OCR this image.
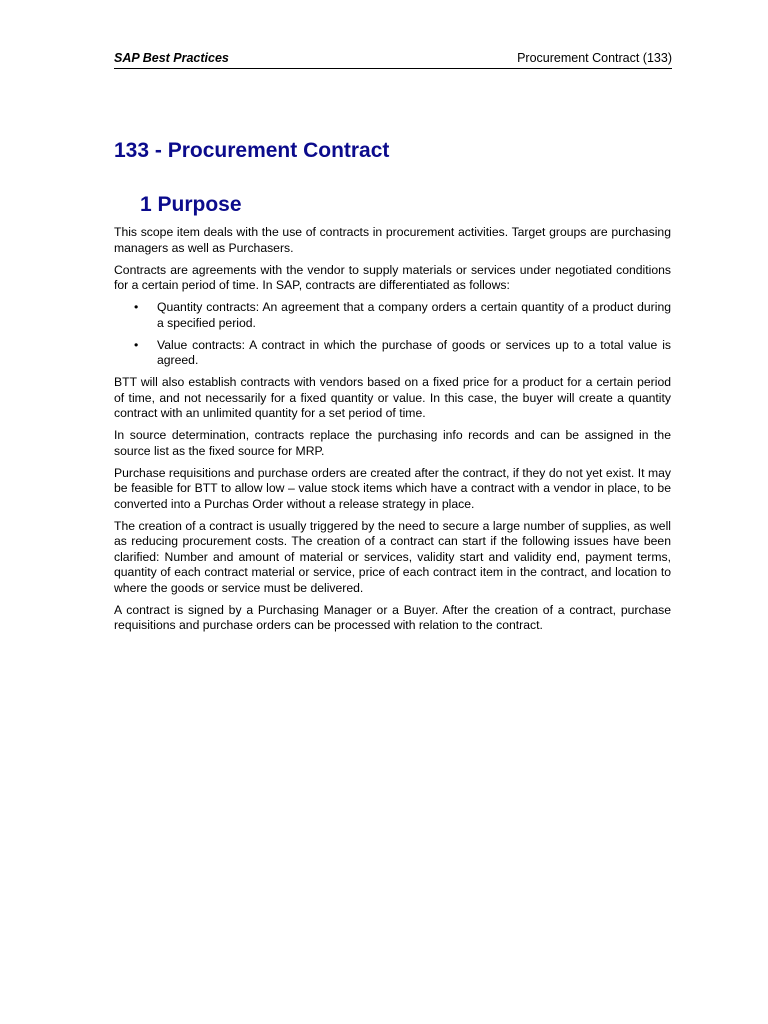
SAP Best Practices	Procurement Contract (133)
133 - Procurement Contract
1 Purpose

This scope item deals with the use of contracts in procurement activities. Target groups are purchasing managers as well as Purchasers.

Contracts are agreements with the vendor to supply materials or services under negotiated conditions for a certain period of time. In SAP, contracts are differentiated as follows:

• Quantity contracts: An agreement that a company orders a certain quantity of a product during a specified period.
• Value contracts: A contract in which the purchase of goods or services up to a total value is agreed.

BTT will also establish contracts with vendors based on a fixed price for a product for a certain period of time, and not necessarily for a fixed quantity or value. In this case, the buyer will create a quantity contract with an unlimited quantity for a set period of time.

In source determination, contracts replace the purchasing info records and can be assigned in the source list as the fixed source for MRP.

Purchase requisitions and purchase orders are created after the contract, if they do not yet exist. It may be feasible for BTT to allow low – value stock items which have a contract with a vendor in place, to be converted into a Purchas Order without a release strategy in place.

The creation of a contract is usually triggered by the need to secure a large number of supplies, as well as reducing procurement costs. The creation of a contract can start if the following issues have been clarified: Number and amount of material or services, validity start and validity end, payment terms, quantity of each contract material or service, price of each contract item in the contract, and location to where the goods or service must be delivered.

A contract is signed by a Purchasing Manager or a Buyer. After the creation of a contract, purchase requisitions and purchase orders can be processed with relation to the contract.
